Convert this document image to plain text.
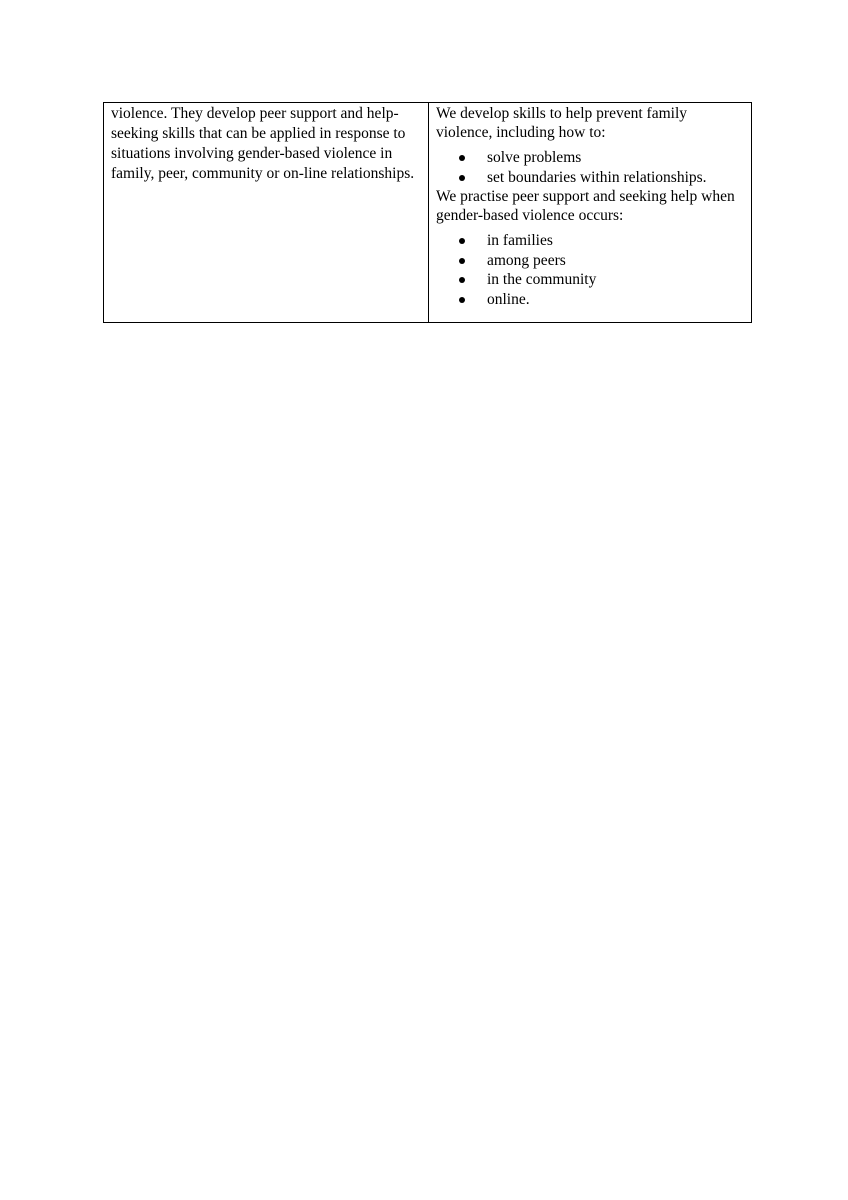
violence. They develop peer support and help-
seeking skills that can be applied in response to
situations involving gender-based violence in
family, peer, community or on-line relationships.
We develop skills to help prevent family
violence, including how to:
solve problems
set boundaries within relationships.
We practise peer support and seeking help when
gender-based violence occurs:
in families
among peers
in the community
online.
